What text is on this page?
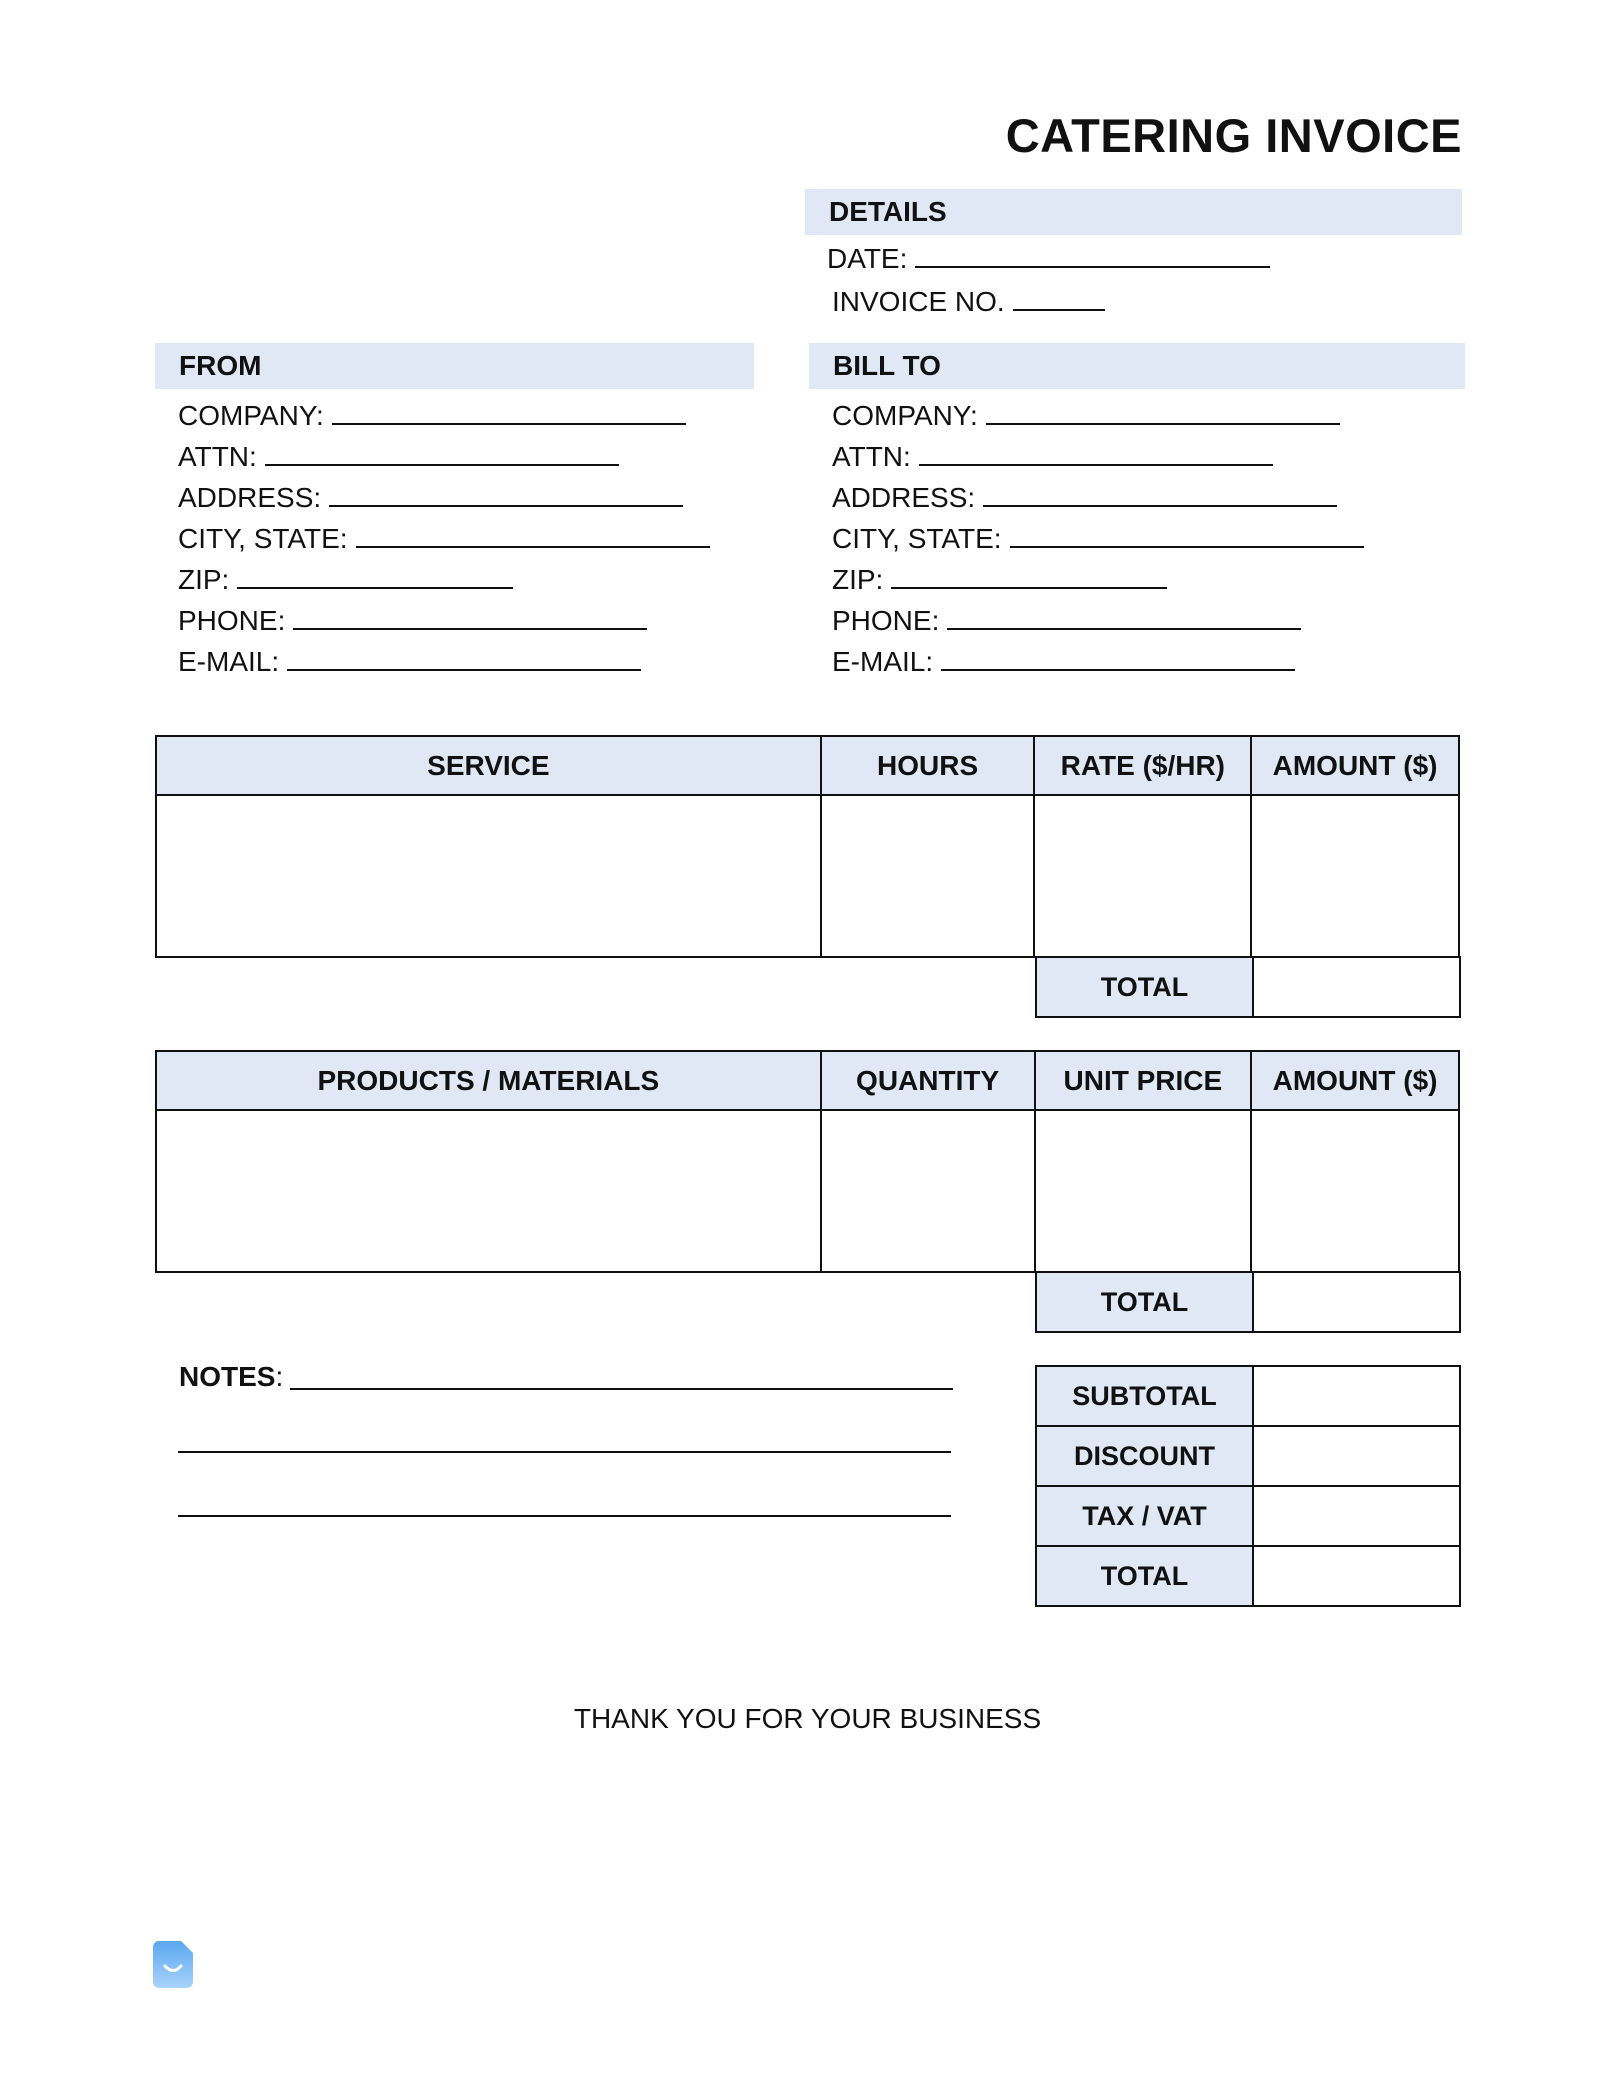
CATERING INVOICE
DETAILS
DATE:
INVOICE NO.
FROM
COMPANY:
ATTN:
ADDRESS:
CITY, STATE:
ZIP:
PHONE:
E-MAIL:
BILL TO
COMPANY:
ATTN:
ADDRESS:
CITY, STATE:
ZIP:
PHONE:
E-MAIL:
SERVICE	HOURS	RATE ($/HR)	AMOUNT ($)

TOTAL	
PRODUCTS / MATERIALS	QUANTITY	UNIT PRICE	AMOUNT ($)

TOTAL	
NOTES:
SUBTOTAL	
DISCOUNT	
TAX / VAT	
TOTAL	
THANK YOU FOR YOUR BUSINESS
